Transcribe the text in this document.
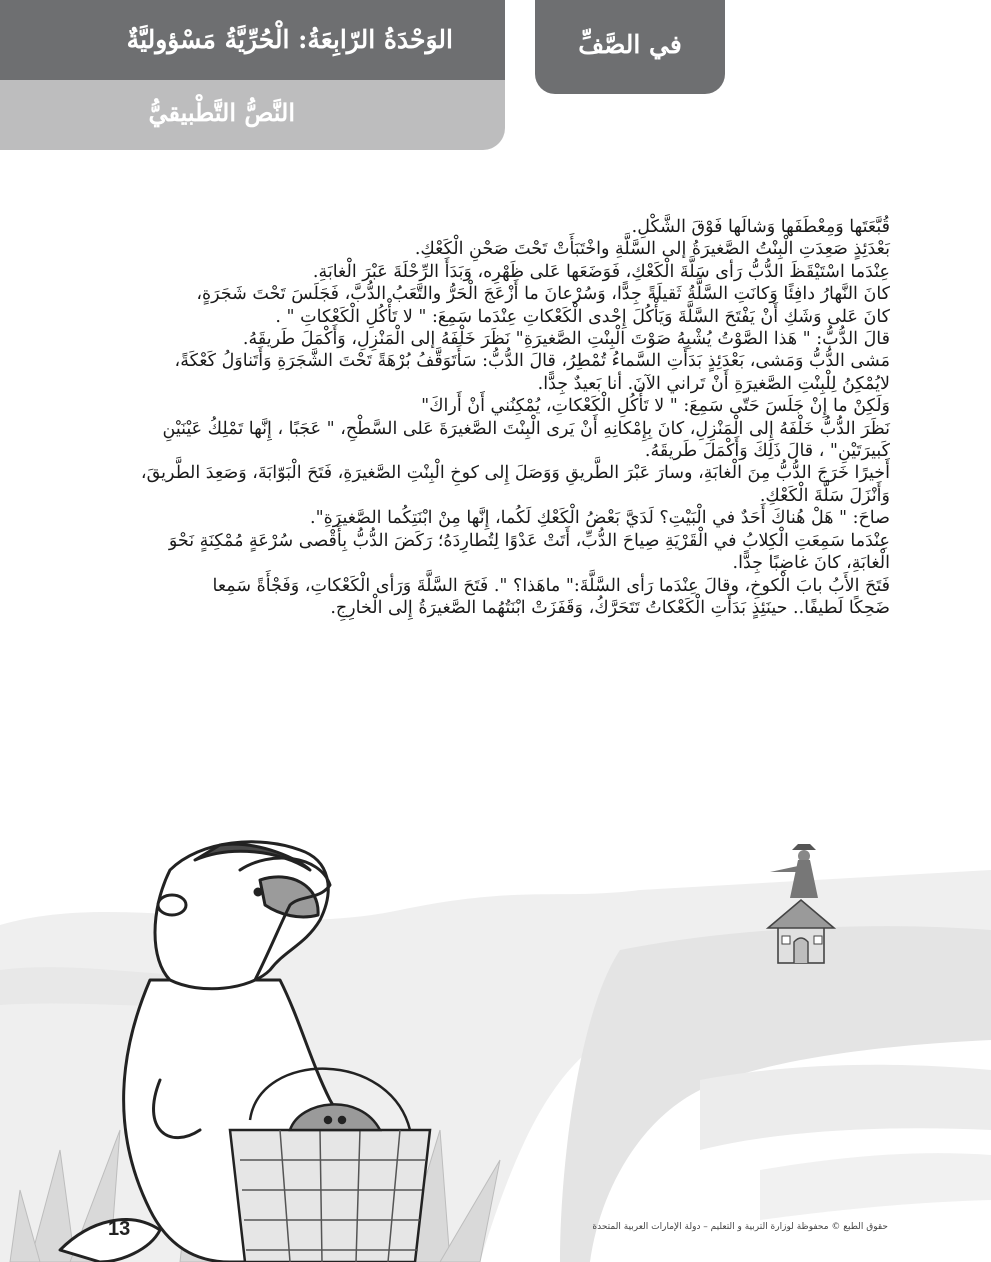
الوَحْدَةُ الرّابِعَةُ: الْحُرِّيَّةُ مَسْؤوليَّةٌ
النَّصُّ التَّطْبيقيُّ
في الصَّفِّ

قُبَّعَتَها وَمِعْطَفَها وَشالَها فَوْقَ الشَّكْلِ.

بَعْدَئِذٍ صَعِدَتِ الْبِنْتُ الصَّغيرَةُ إلى السَّلَّةِ واخْتَبَأَتْ تَحْتَ صَحْنِ الْكَعْكِ.

عِنْدَما اسْتَيْقَظَ الدُّبُّ رَأى سَلَّةَ الْكَعْكِ، فَوَضَعَها عَلى ظَهْرِه، وَبَدَأَ الرِّحْلَةَ عَبْرَ الْغابَةِ.

كانَ النَّهارُ دافِئًا وَكانَتِ السَّلَّةُ ثَقيلَةً جِدًّا، وَسُرْعانَ ما أَزْعَجَ الْحَرُّ والتَّعَبُ الدُّبَّ، فَجَلَسَ تَحْتَ شَجَرَةٍ،

كانَ عَلى وَشَكِ أَنْ يَفْتَحَ السَّلَّةَ وَيَأْكُلَ إِحْدى الْكَعْكاتِ عِنْدَما سَمِعَ: " لا تَأْكُلِ الْكَعْكاتِ " .

قالَ الدُّبُّ: " هَذا الصَّوْتُ يُشْبِهُ صَوْتَ الْبِنْتِ الصَّغيرَةِ" نَظَرَ خَلْفَهُ إلى الْمَنْزِلِ، وَأَكْمَلَ طَريقَهُ.

مَشى الدُّبُّ وَمَشى، بَعْدَئِذٍ بَدَأَتِ السَّماءُ تُمْطِرُ، قالَ الدُّبُّ: سَأَتَوَقَّفُ بُرْهَةً تَحْتَ الشَّجَرَةِ وَأَتَناوَلُ كَعْكَةً،

لايُمْكِنُ لِلْبِنْتِ الصَّغيرَةِ أَنْ تَراني الآنَ. أنا بَعيدٌ جِدًّا.

وَلَكِنْ ما إِنْ جَلَسَ حَتّى سَمِعَ: " لا تَأْكُلِ الْكَعْكاتِ، يُمْكِنُني أَنْ أَراكَ"

نَظَرَ الدُّبُّ خَلْفَهُ إِلى الْمَنْزِلِ، كانَ بِإِمْكانِهِ أَنْ يَرى الْبِنْتَ الصَّغيرَةَ عَلى السَّطْحِ، " عَجَبًا ، إِنَّها تَمْلِكُ عَيْنَيْنِ

كَبيرَتَيْنِ" ، قالَ ذَلِكَ وَأَكْمَلَ طَريقَهُ.

أَخيرًا خَرَجَ الدُّبُّ مِنَ الْغابَةِ، وسارَ عَبْرَ الطَّريقِ وَوَصَلَ إِلى كوخِ الْبِنْتِ الصَّغيرَةِ، فَتَحَ الْبَوّابَةَ، وَصَعِدَ الطَّريقَ،

وَأَنْزَلَ سَلَّةَ الْكَعْكِ.

صاحَ: " هَلْ هُناكَ أَحَدٌ في الْبَيْتِ؟ لَدَيَّ بَعْضُ الْكَعْكِ لَكُما، إِنَّها مِنْ ابْنَتِكُما الصَّغيرَةِ".

عِنْدَما سَمِعَتِ الْكِلابُ في الْقَرْيَةِ صِياحَ الدُّبِّ، أَتَتْ عَدْوًا لِتُطارِدَهُ؛ رَكَضَ الدُّبُّ بِأَقْصى سُرْعَةٍ مُمْكِنَةٍ نَحْوَ

الْغابَةِ، كانَ غاضِبًا جِدًّا.

فَتَحَ الأَبُ بابَ الْكوخِ، وقالَ عِنْدَما رَأى السَّلَّةَ:" ماهَذا؟ ". فَتَحَ السَّلَّةَ وَرَأى الْكَعْكاتِ، وَفَجْأَةً سَمِعا

ضَحِكًا لَطيفًا.. حينَئِذٍ بَدَأَتِ الْكَعْكاتُ تَتَحَرَّكُ، وَقَفَزَتْ ابْنَتُهُما الصَّغيرَةُ إِلى الْخارِجِ.

13	حقوق الطبع © محفوظة لوزارة التربية و التعليم – دولة الإمارات العربية المتحدة
